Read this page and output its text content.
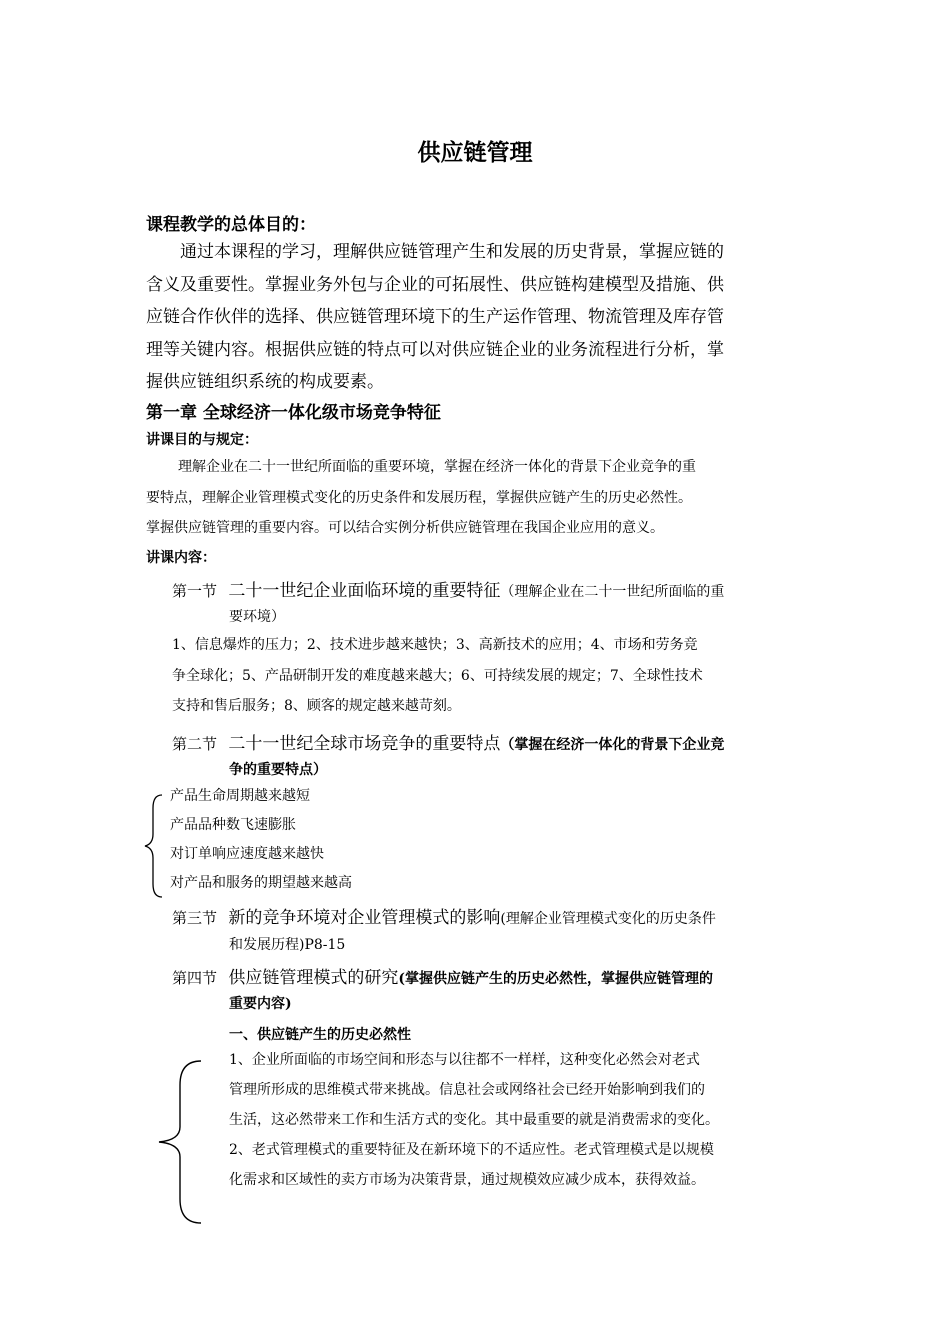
供应链管理
课程教学的总体目的：
通过本课程的学习，理解供应链管理产生和发展的历史背景，掌握应链的
含义及重要性。掌握业务外包与企业的可拓展性、供应链构建模型及措施、供
应链合作伙伴的选择、供应链管理环境下的生产运作管理、物流管理及库存管
理等关键内容。根据供应链的特点可以对供应链企业的业务流程进行分析，掌
握供应链组织系统的构成要素。
第一章 全球经济一体化级市场竞争特征
讲课目的与规定：
理解企业在二十一世纪所面临的重要环境，掌握在经济一体化的背景下企业竞争的重
要特点，理解企业管理模式变化的历史条件和发展历程，掌握供应链产生的历史必然性。
掌握供应链管理的重要内容。可以结合实例分析供应链管理在我国企业应用的意义。
讲课内容：
第一节 二十一世纪企业面临环境的重要特征（理解企业在二十一世纪所面临的重
要环境）
1、信息爆炸的压力；2、技术进步越来越快；3、高新技术的应用；4、市场和劳务竞
争全球化；5、产品研制开发的难度越来越大；6、可持续发展的规定；7、全球性技术
支持和售后服务；8、顾客的规定越来越苛刻。
第二节 二十一世纪全球市场竞争的重要特点（掌握在经济一体化的背景下企业竞
争的重要特点）
产品生命周期越来越短
产品品种数飞速膨胀
对订单响应速度越来越快
对产品和服务的期望越来越高
第三节 新的竞争环境对企业管理模式的影响(理解企业管理模式变化的历史条件
和发展历程)P8-15
第四节 供应链管理模式的研究(掌握供应链产生的历史必然性，掌握供应链管理的
重要内容)
一、供应链产生的历史必然性
1、企业所面临的市场空间和形态与以往都不一样样，这种变化必然会对老式
管理所形成的思维模式带来挑战。信息社会或网络社会已经开始影响到我们的
生活，这必然带来工作和生活方式的变化。其中最重要的就是消费需求的变化。
2、老式管理模式的重要特征及在新环境下的不适应性。老式管理模式是以规模
化需求和区域性的卖方市场为决策背景，通过规模效应减少成本，获得效益。
